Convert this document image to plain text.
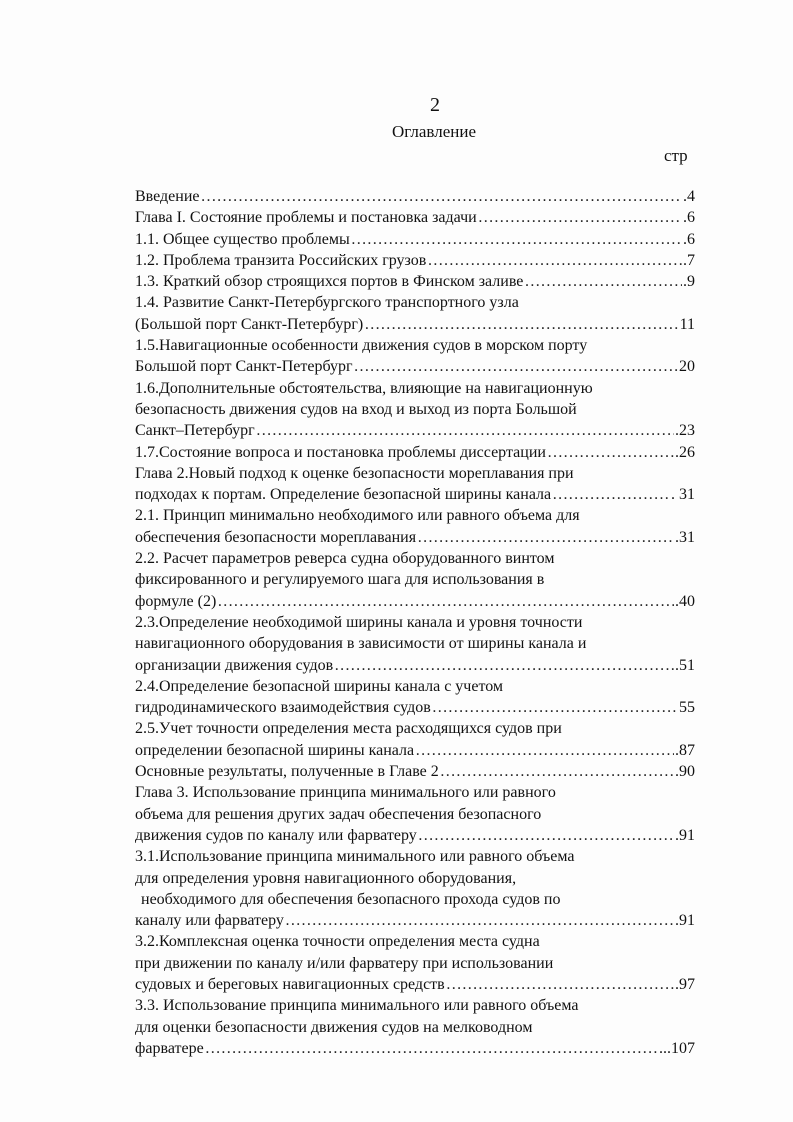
2
Оглавление
стр
Введение …………………………………………………………………………………………………………………………	.4
Глава I. Состояние проблемы и постановка задачи …………………………………………………………………………………………………………………………	.6
1.1. Общее существо проблемы …………………………………………………………………………………………………………………………	.6
1.2. Проблема транзита Российских грузов …………………………………………………………………………………………………………………………	.7
1.3. Краткий обзор строящихся портов в Финском заливе …………………………………………………………………………………………………………………………	.9
1.4. Развитие Санкт-Петербургского транспортного узла
(Большой порт Санкт-Петербург) …………………………………………………………………………………………………………………………	11
1.5.Навигационные особенности движения судов в морском порту
Большой порт Санкт-Петербург …………………………………………………………………………………………………………………………	20
1.6.Дополнительные обстоятельства, влияющие на навигационную
безопасность движения судов на вход и выход из порта Большой
Санкт–Петербург …………………………………………………………………………………………………………………………	.23
1.7.Состояние вопроса и постановка проблемы диссертации …………………………………………………………………………………………………………………………	.26
Глава 2.Новый подход к оценке безопасности мореплавания при
подходах к портам. Определение безопасной ширины канала …………………………………………………………………………………………………………………………	. 31
2.1. Принцип минимально необходимого или равного объема для
обеспечения безопасности мореплавания …………………………………………………………………………………………………………………………	.31
2.2. Расчет параметров реверса судна оборудованного винтом
фиксированного и регулируемого шага для использования в
формуле (2) …………………………………………………………………………………………………………………………	.40
2.3.Определение необходимой ширины канала и уровня точности
навигационного оборудования в зависимости от ширины канала и
организации движения судов …………………………………………………………………………………………………………………………	.51
2.4.Определение безопасной ширины канала с учетом
гидродинамического взаимодействия судов …………………………………………………………………………………………………………………………	55
2.5.Учет точности определения места расходящихся судов при
определении безопасной ширины канала …………………………………………………………………………………………………………………………	.87
Основные результаты, полученные в Главе 2 …………………………………………………………………………………………………………………………	.90
Глава 3. Использование принципа минимального или равного
объема для решения других задач обеспечения безопасного
движения судов по каналу или фарватеру …………………………………………………………………………………………………………………………	.91
3.1.Использование принципа минимального или равного объема
для определения уровня навигационного оборудования,
необходимого для обеспечения безопасного прохода судов по
каналу или фарватеру …………………………………………………………………………………………………………………………	.91
3.2.Комплексная оценка точности определения места судна
при движении по каналу и/или фарватеру при использовании
судовых и береговых навигационных средств …………………………………………………………………………………………………………………………	.97
3.3. Использование принципа минимального или равного объема
для оценки безопасности движения судов на мелководном
фарватере …………………………………………………………………………………………………………………………	...107
